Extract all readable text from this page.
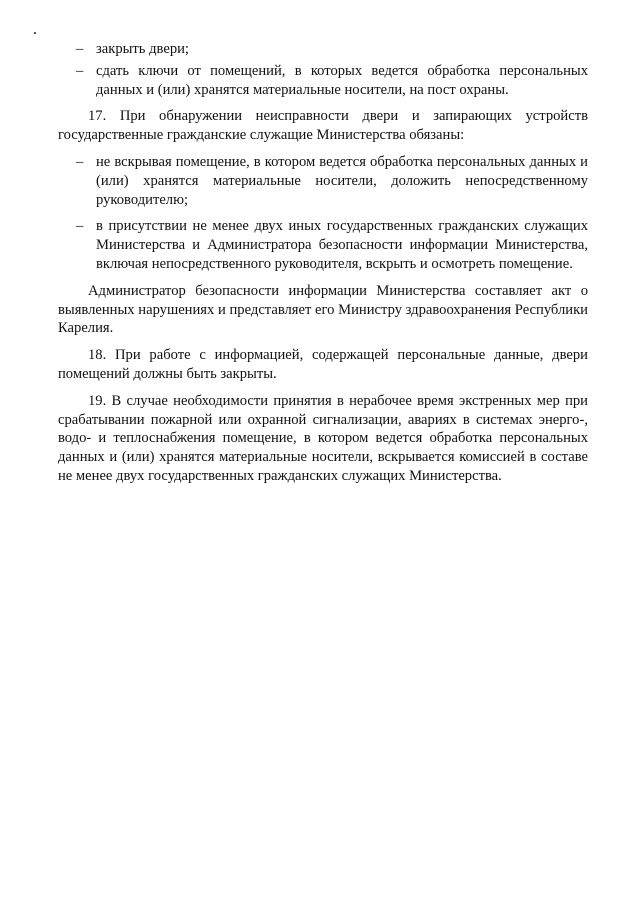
– закрыть двери;
– сдать ключи от помещений, в которых ведется обработка персональных данных и (или) хранятся материальные носители, на пост охраны.
17. При обнаружении неисправности двери и запирающих устройств государственные гражданские служащие Министерства обязаны:
– не вскрывая помещение, в котором ведется обработка персональных данных и (или) хранятся материальные носители, доложить непосредственному руководителю;
– в присутствии не менее двух иных государственных гражданских служащих Министерства и Администратора безопасности информации Министерства, включая непосредственного руководителя, вскрыть и осмотреть помещение.
Администратор безопасности информации Министерства составляет акт о выявленных нарушениях и представляет его Министру здравоохранения Республики Карелия.
18. При работе с информацией, содержащей персональные данные, двери помещений должны быть закрыты.
19. В случае необходимости принятия в нерабочее время экстренных мер при срабатывании пожарной или охранной сигнализации, авариях в системах энерго-, водо- и теплоснабжения помещение, в котором ведется обработка персональных данных и (или) хранятся материальные носители, вскрывается комиссией в составе не менее двух государственных гражданских служащих Министерства.
